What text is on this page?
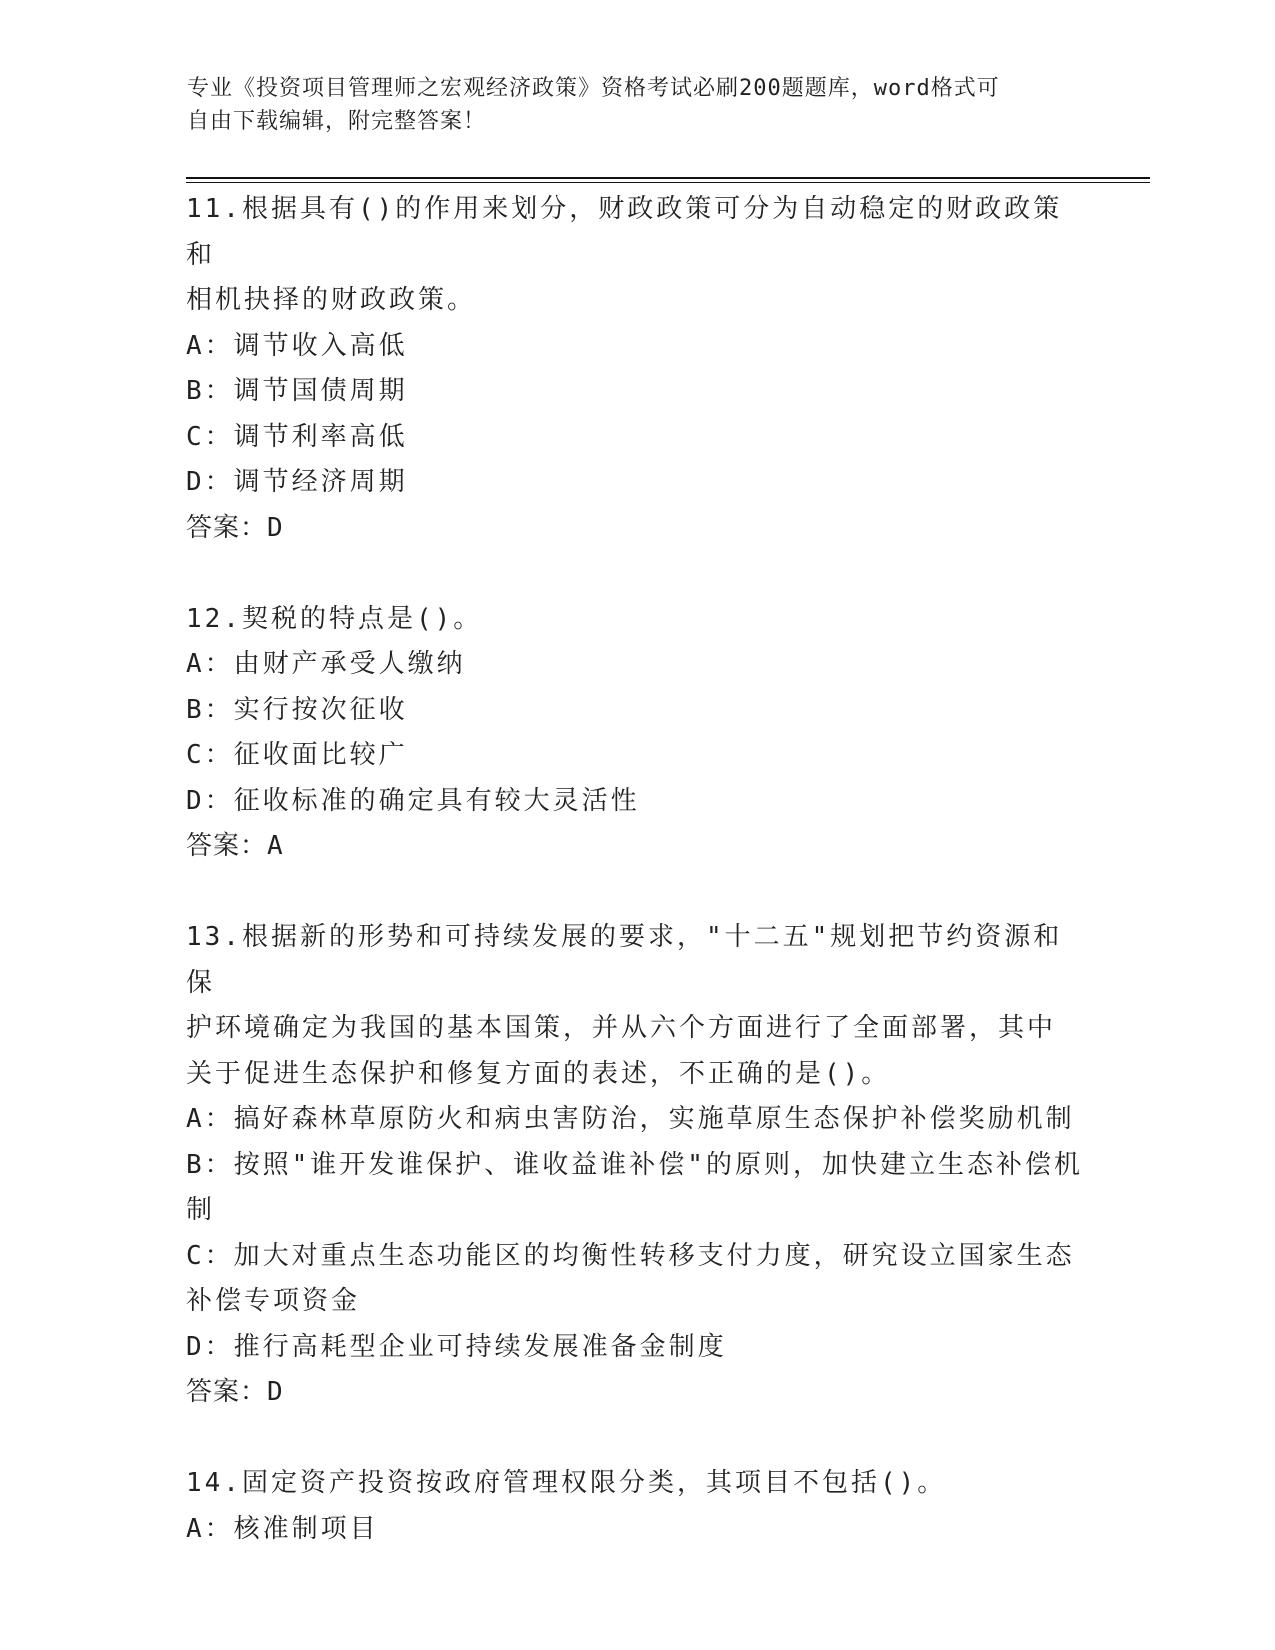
专业《投资项目管理师之宏观经济政策》资格考试必刷200题题库，word格式可
自由下载编辑，附完整答案！
11.根据具有()的作用来划分，财政政策可分为自动稳定的财政政策和
相机抉择的财政政策。
A：调节收入高低
B：调节国债周期
C：调节利率高低
D：调节经济周期
答案：D
12.契税的特点是()。
A：由财产承受人缴纳
B：实行按次征收
C：征收面比较广
D：征收标准的确定具有较大灵活性
答案：A
13.根据新的形势和可持续发展的要求，"十二五"规划把节约资源和保
护环境确定为我国的基本国策，并从六个方面进行了全面部署，其中
关于促进生态保护和修复方面的表述，不正确的是()。
A：搞好森林草原防火和病虫害防治，实施草原生态保护补偿奖励机制
B：按照"谁开发谁保护、谁收益谁补偿"的原则，加快建立生态补偿机
制
C：加大对重点生态功能区的均衡性转移支付力度，研究设立国家生态
补偿专项资金
D：推行高耗型企业可持续发展准备金制度
答案：D
14.固定资产投资按政府管理权限分类，其项目不包括()。
A：核准制项目
